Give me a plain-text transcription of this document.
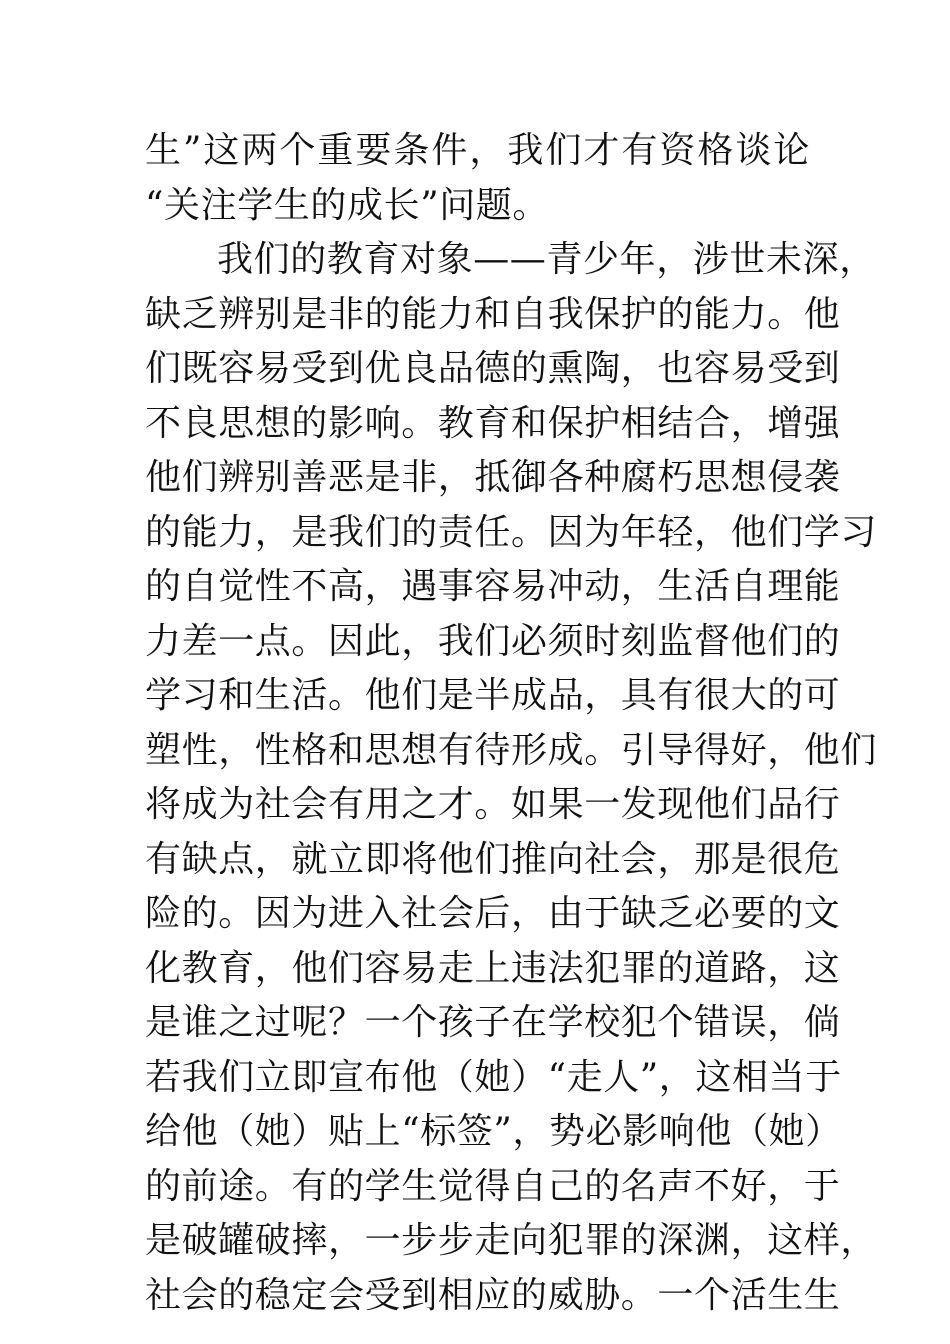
生”这两个重要条件，我们才有资格谈论
“关注学生的成长”问题。
我们的教育对象——青少年，涉世未深，
缺乏辨别是非的能力和自我保护的能力。他
们既容易受到优良品德的熏陶，也容易受到
不良思想的影响。教育和保护相结合，增强
他们辨别善恶是非，抵御各种腐朽思想侵袭
的能力，是我们的责任。因为年轻，他们学习
的自觉性不高，遇事容易冲动，生活自理能
力差一点。因此，我们必须时刻监督他们的
学习和生活。他们是半成品，具有很大的可
塑性，性格和思想有待形成。引导得好，他们
将成为社会有用之才。如果一发现他们品行
有缺点，就立即将他们推向社会，那是很危
险的。因为进入社会后，由于缺乏必要的文
化教育，他们容易走上违法犯罪的道路，这
是谁之过呢？一个孩子在学校犯个错误，倘
若我们立即宣布他（她）“走人”，这相当于
给他（她）贴上“标签”，势必影响他（她）
的前途。有的学生觉得自己的名声不好，于
是破罐破摔，一步步走向犯罪的深渊，这样，
社会的稳定会受到相应的威胁。一个活生生
